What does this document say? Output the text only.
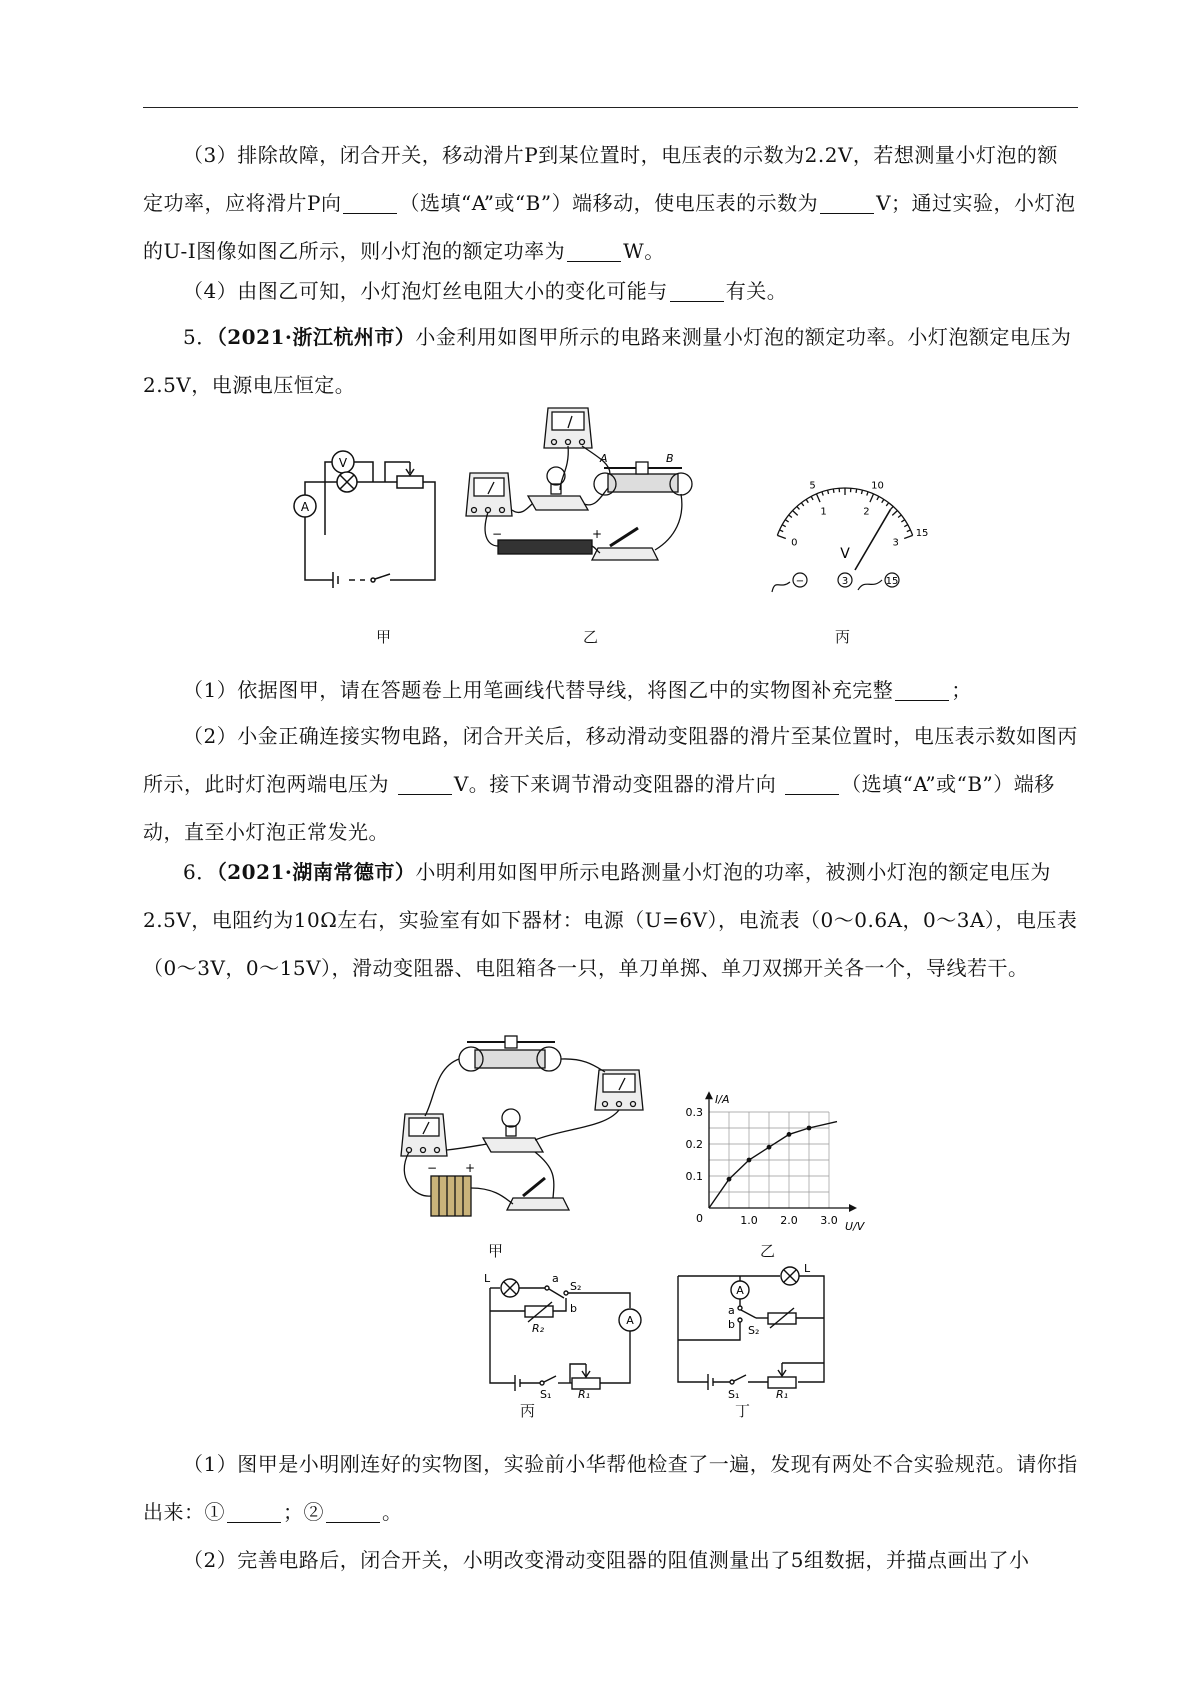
（3）排除故障，闭合开关，移动滑片P到某位置时，电压表的示数为2.2V，若想测量小灯泡的额定功率，应将滑片P向	（选填“A”或“B”）端移动，使电压表的示数为	V；通过实验，小灯泡的U-I图像如图乙所示，则小灯泡的额定功率为	W。
（4）由图乙可知，小灯泡灯丝电阻大小的变化可能与	有关。
5．（2021·浙江杭州市）小金利用如图甲所示的电路来测量小灯泡的额定功率。小灯泡额定电压为2.5V，电源电压恒定。
A
V
甲
A	B
−	+
乙
5	10
15
0
1	2
3
V
−	3	15
丙
（1）依据图甲，请在答题卷上用笔画线代替导线，将图乙中的实物图补充完整	；
（2）小金正确连接实物电路，闭合开关后，移动滑动变阻器的滑片至某位置时，电压表示数如图丙所示，此时灯泡两端电压为	V。接下来调节滑动变阻器的滑片向	（选填“A”或“B”）端移动，直至小灯泡正常发光。
6．（2021·湖南常德市）小明利用如图甲所示电路测量小灯泡的功率，被测小灯泡的额定电压为2.5V，电阻约为10Ω左右，实验室有如下器材：电源（U=6V），电流表（0～0.6A，0～3A），电压表（0～3V，0～15V），滑动变阻器、电阻箱各一只，单刀单掷、单刀双掷开关各一个，导线若干。
− +
甲
1.0 2.0 3.0
0.1
0.2
0.3
0
U/V
I/A
乙
L	a
S₂
b
R₂
A
S₁ R₁
丙
A
L
a
b S₂
S₁	R₁
丁
（1）图甲是小明刚连好的实物图，实验前小华帮他检查了一遍，发现有两处不合实验规范。请你指出来：①	；②	。
（2）完善电路后，闭合开关，小明改变滑动变阻器的阻值测量出了5组数据，并描点画出了小
